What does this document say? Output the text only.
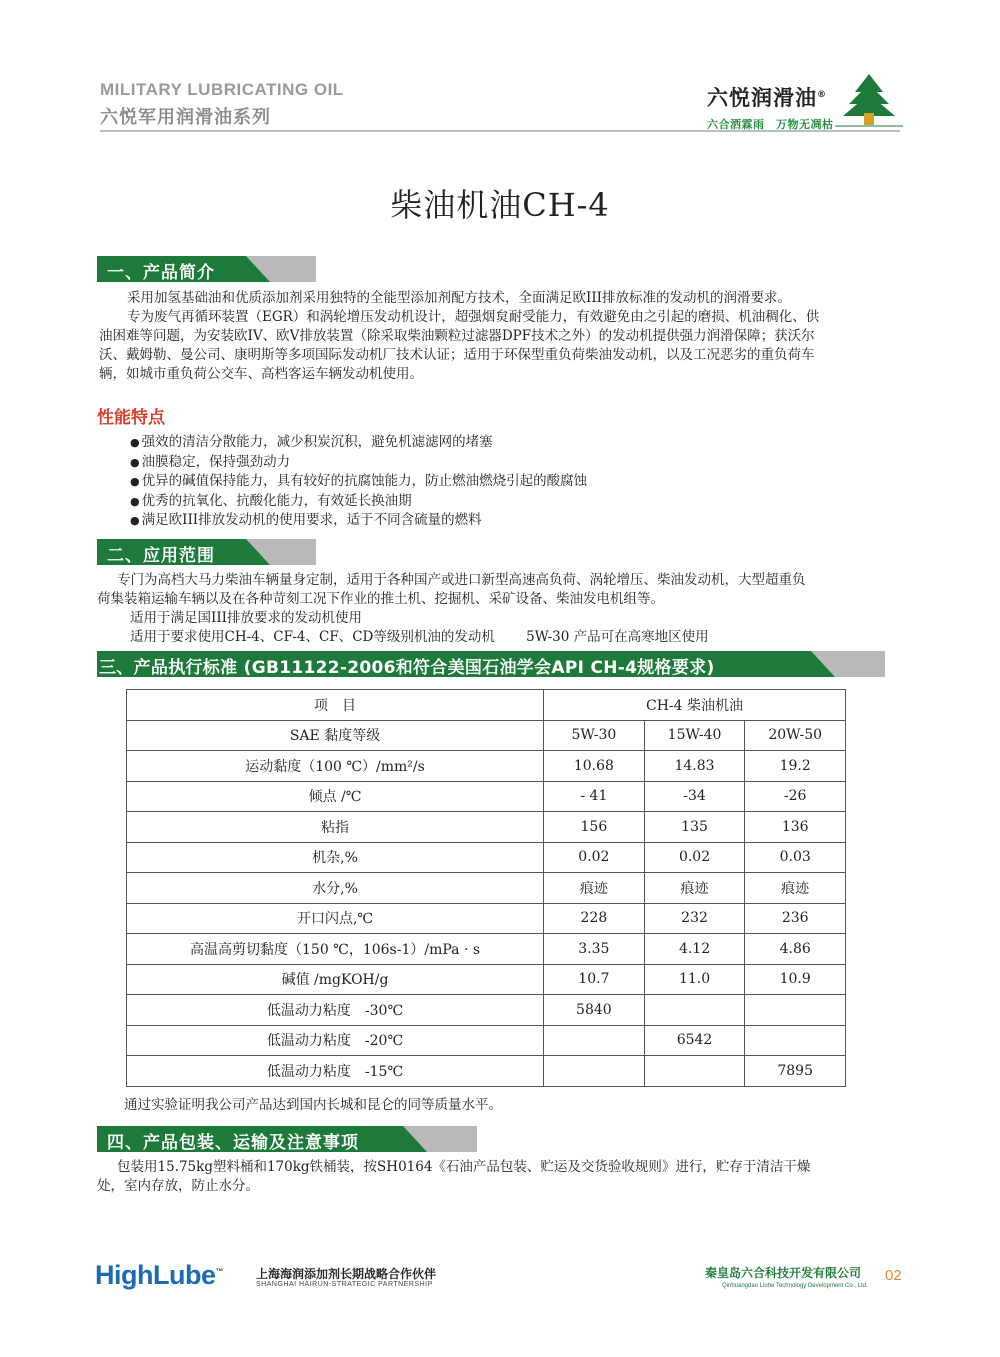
MILITARY LUBRICATING OIL
六悦军用润滑油系列
六悦润滑油®
六合洒霖雨　万物无凋枯
柴油机油CH-4
一、产品简介
采用加氢基础油和优质添加剂采用独特的全能型添加剂配方技术，全面满足欧III排放标准的发动机的润滑要求。
专为废气再循环装置（EGR）和涡轮增压发动机设计，超强烟炱耐受能力，有效避免由之引起的磨损、机油稠化、供
油困难等问题，为安装欧IV、欧V排放装置（除采取柴油颗粒过滤器DPF技术之外）的发动机提供强力润滑保障；获沃尔
沃、戴姆勒、曼公司、康明斯等多项国际发动机厂技术认证；适用于环保型重负荷柴油发动机，以及工况恶劣的重负荷车
辆，如城市重负荷公交车、高档客运车辆发动机使用。
性能特点
● 强效的清洁分散能力，减少积炭沉积，避免机滤滤网的堵塞
● 油膜稳定，保持强劲动力
● 优异的碱值保持能力，具有较好的抗腐蚀能力，防止燃油燃烧引起的酸腐蚀
● 优秀的抗氧化、抗酸化能力，有效延长换油期
● 满足欧III排放发动机的使用要求，适于不同含硫量的燃料
二、应用范围
专门为高档大马力柴油车辆量身定制，适用于各种国产或进口新型高速高负荷、涡轮增压、柴油发动机，大型超重负
荷集装箱运输车辆以及在各种苛刻工况下作业的推土机、挖掘机、采矿设备、柴油发电机组等。
适用于满足国III排放要求的发动机使用
适用于要求使用CH-4、CF-4、CF、CD等级别机油的发动机　　 5W-30 产品可在高寒地区使用
三、产品执行标准 (GB11122-2006和符合美国石油学会API CH-4规格要求)
项　目	CH-4 柴油机油		
SAE 黏度等级	5W-30	15W-40	20W-50
运动黏度（100 ℃）/mm²/s	10.68	14.83	19.2
倾点 /℃	- 41	-34	-26
粘指	156	135	136
机杂,%	0.02	0.02	0.03
水分,%	痕迹	痕迹	痕迹
开口闪点,℃	228	232	236
高温高剪切黏度（150 ℃，106s-1）/mPa · s	3.35	4.12	4.86
碱值 /mgKOH/g	10.7	11.0	10.9
低温动力粘度　-30℃	5840		
低温动力粘度　-20℃		6542	
低温动力粘度　-15℃			7895
通过实验证明我公司产品达到国内长城和昆仑的同等质量水平。
四、产品包装、运输及注意事项
包装用15.75kg塑料桶和170kg铁桶装，按SH0164《石油产品包装、贮运及交货验收规则》进行，贮存于清洁干燥
处，室内存放，防止水分。
HighLube™	上海海润添加剂长期战略合作伙伴
SHANGHAI HAIRUN-STRATEGIC PARTNERSHIP
秦皇岛六合科技开发有限公司
Qinhuangdao Liuhe Technology Development Co., Ltd.
02
